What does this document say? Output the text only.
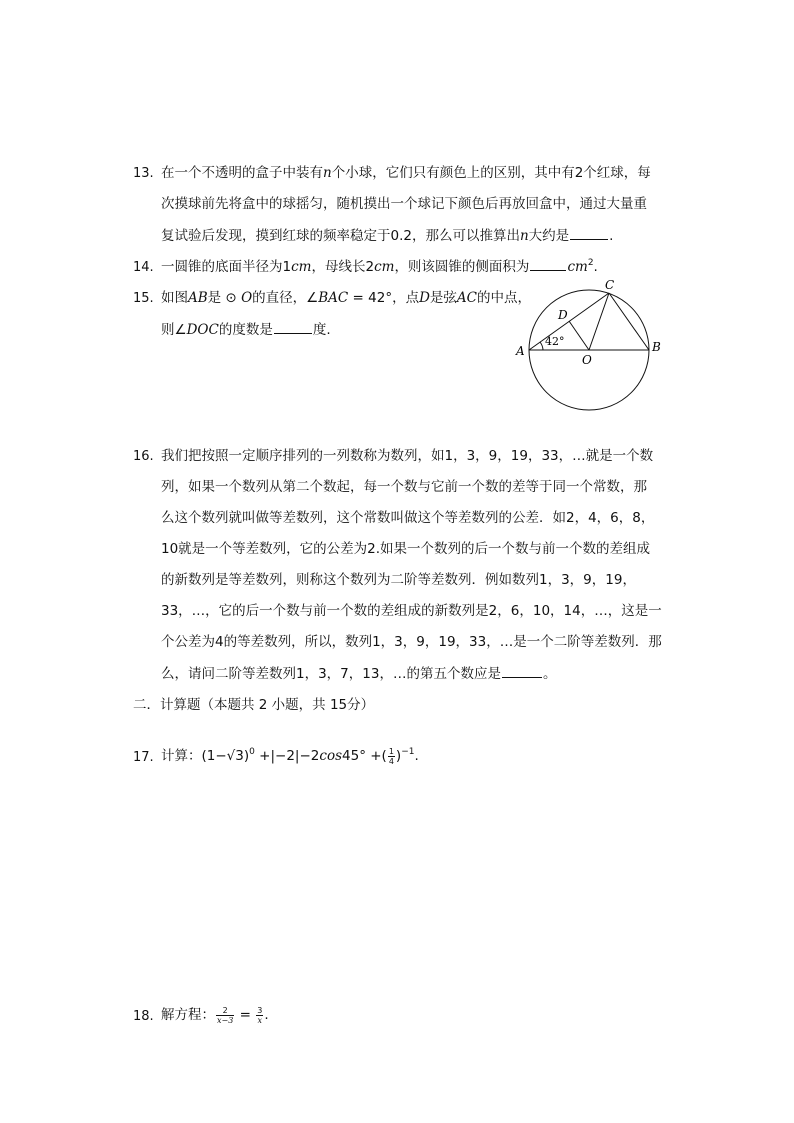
13. 在一个不透明的盒子中装有n个小球，它们只有颜色上的区别，其中有2个红球，每
次摸球前先将盒中的球摇匀，随机摸出一个球记下颜色后再放回盒中，通过大量重
复试验后发现，摸到红球的频率稳定于0.2，那么可以推算出n大约是	.
14. 一圆锥的底面半径为1cm，母线长2cm，则该圆锥的侧面积为	$cm^2$.
15. 如图AB是 ⊙ O的直径，∠BAC = 42°，点D是弦AC的中点，
则∠DOC的度数是	度.
A	B
C
D
O
42°
16. 我们把按照一定顺序排列的一列数称为数列，如1，3，9，19，33，…就是一个数
列，如果一个数列从第二个数起，每一个数与它前一个数的差等于同一个常数，那
么这个数列就叫做等差数列，这个常数叫做这个等差数列的公差．如2，4，6，8，
10就是一个等差数列，它的公差为2.如果一个数列的后一个数与前一个数的差组成
的新数列是等差数列，则称这个数列为二阶等差数列．例如数列1，3，9，19，
33，…，它的后一个数与前一个数的差组成的新数列是2，6，10，14，…，这是一
个公差为4的等差数列，所以，数列1，3，9，19，33，…是一个二阶等差数列．那
么，请问二阶等差数列1，3，7，13，…的第五个数应是	。
二．计算题（本题共 2 小题，共 15分）
17. 计算：$(1-√3)^0 +|-2|-2\cos 45^\circ$ +( $\frac{1}{4} )^{-1}$.
18. 解方程： $\frac{2}{x-3} = \frac{3}{x}$ .
